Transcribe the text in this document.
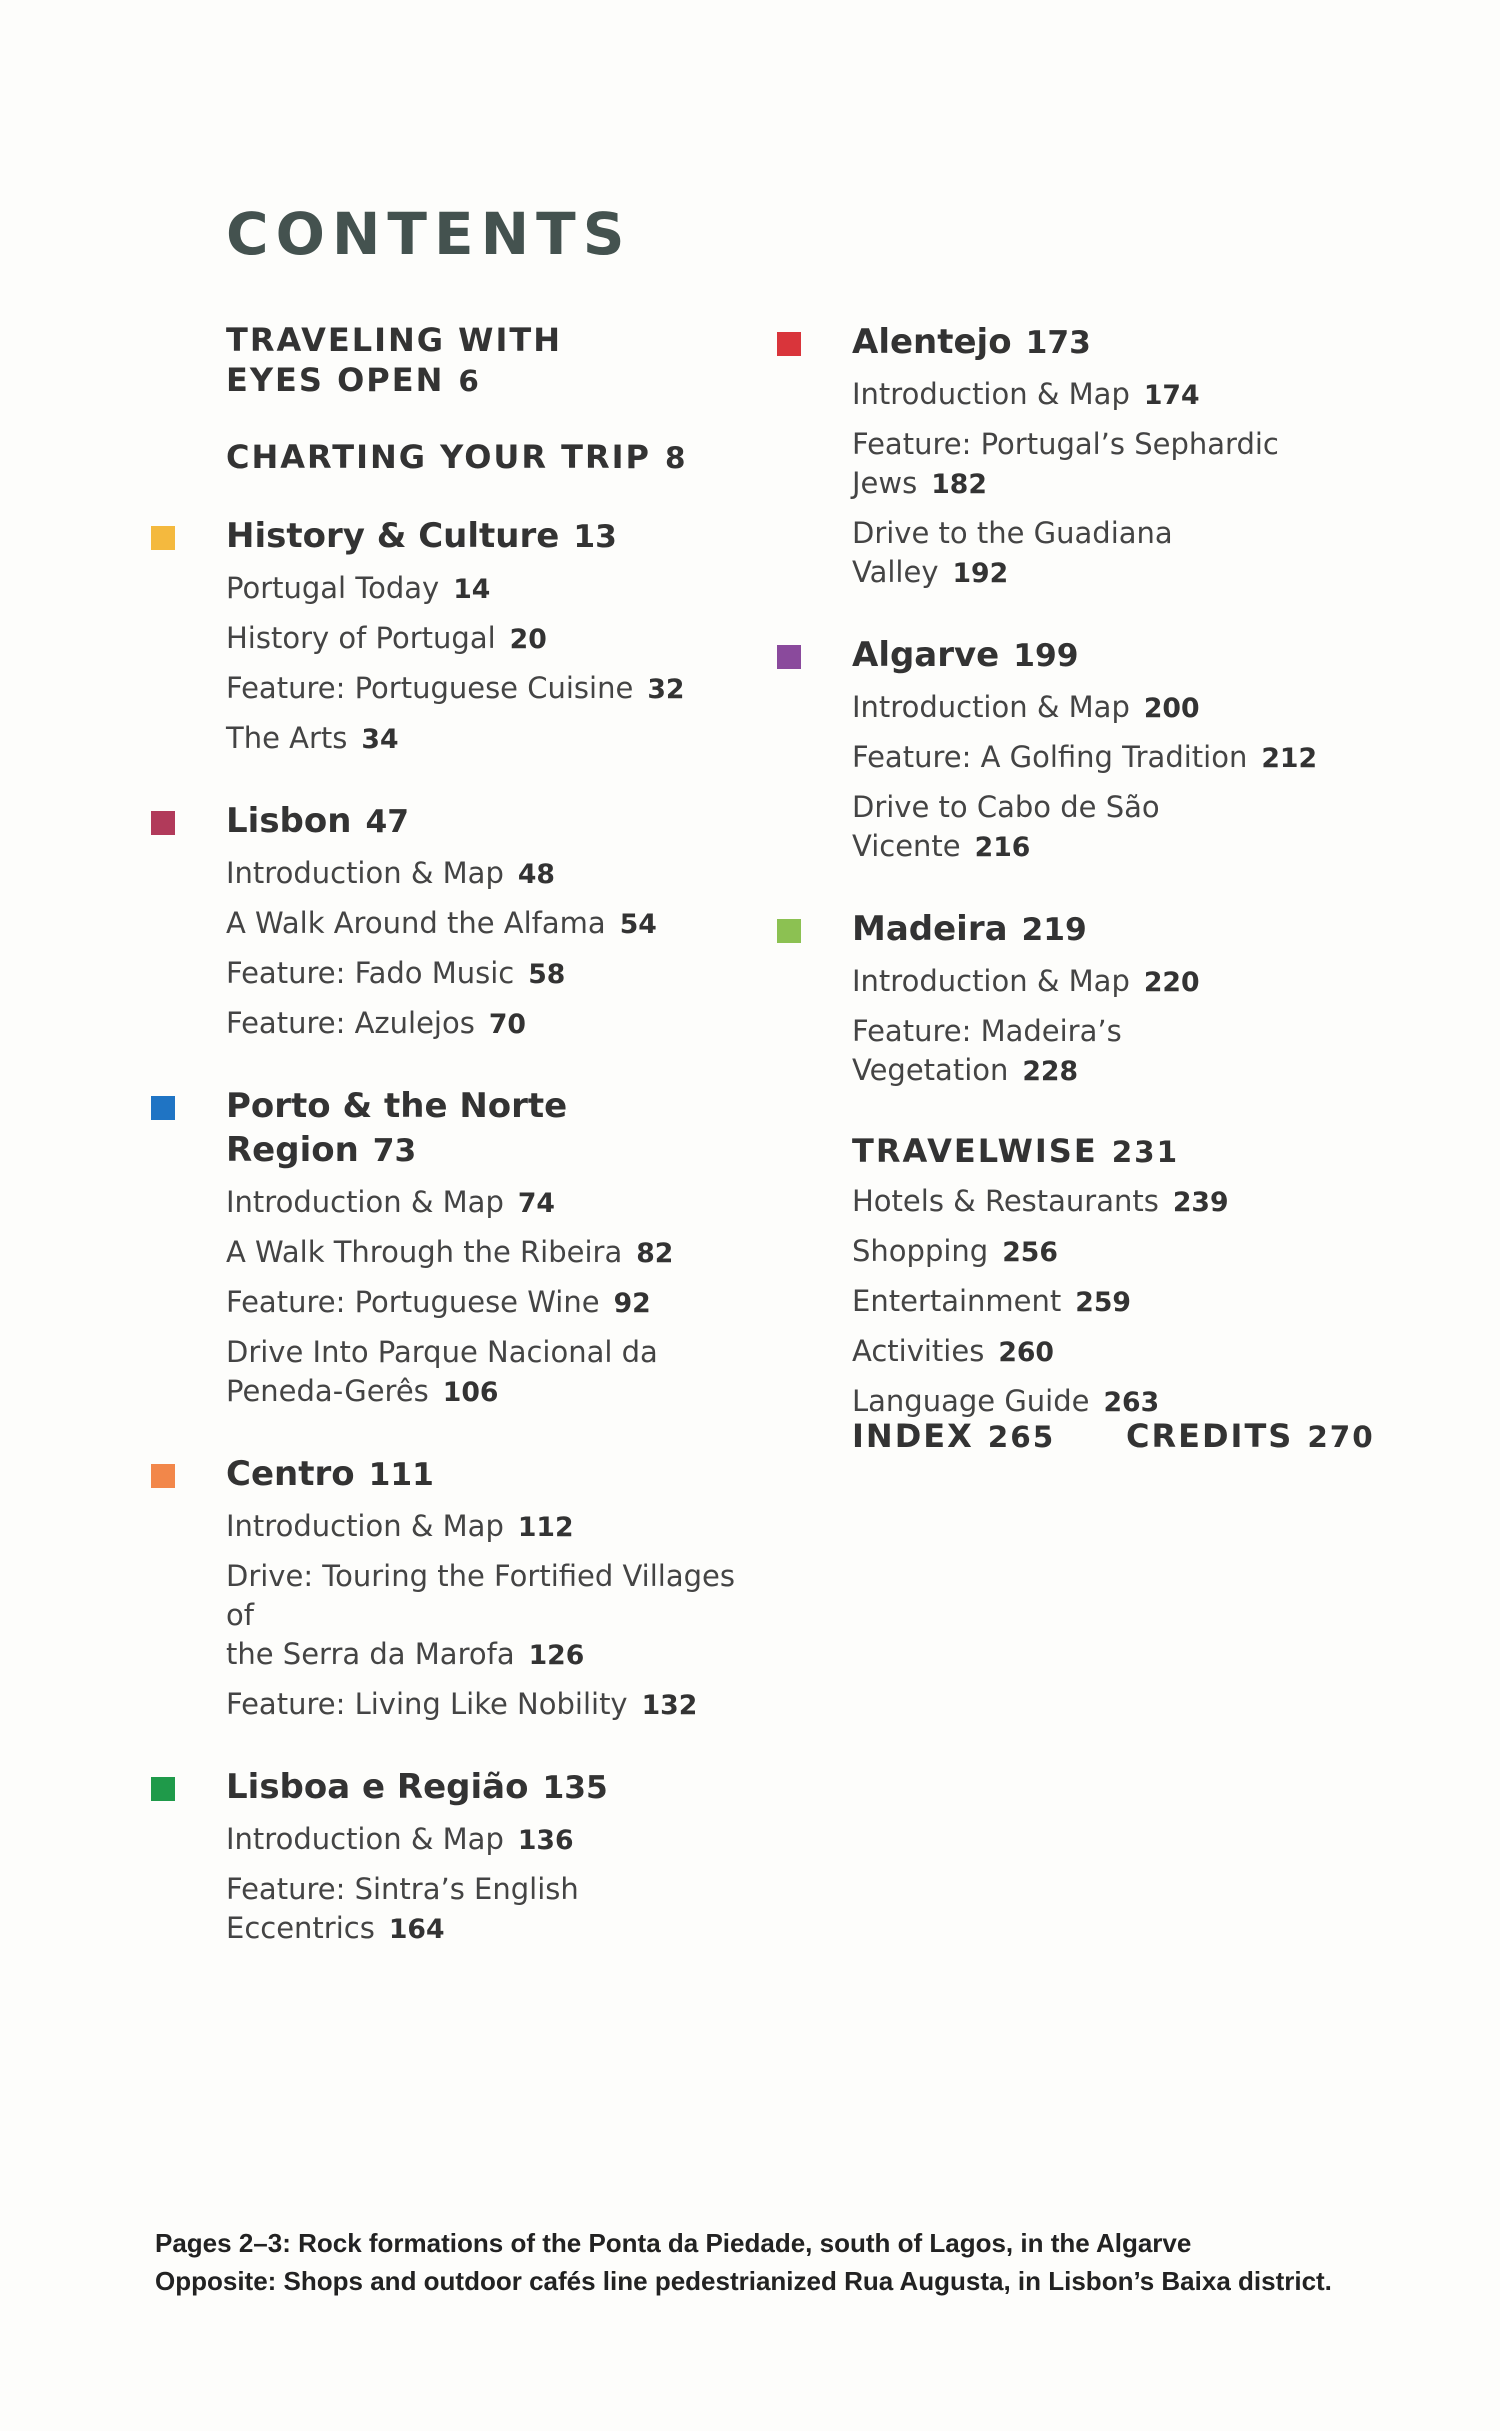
CONTENTS
TRAVELING WITH
EYES OPEN 6
CHARTING YOUR TRIP 8
History & Culture 13
Portugal Today 14
History of Portugal 20
Feature: Portuguese Cuisine 32
The Arts 34
Lisbon 47
Introduction & Map 48
A Walk Around the Alfama 54
Feature: Fado Music 58
Feature: Azulejos 70
Porto & the Norte Region 73
Introduction & Map 74
A Walk Through the Ribeira 82
Feature: Portuguese Wine 92
Drive Into Parque Nacional da
Peneda-Gerês 106
Centro 111
Introduction & Map 112
Drive: Touring the Fortified Villages of
the Serra da Marofa 126
Feature: Living Like Nobility 132
Lisboa e Região 135
Introduction & Map 136
Feature: Sintra’s English
Eccentrics 164
Alentejo 173
Introduction & Map 174
Feature: Portugal’s Sephardic
Jews 182
Drive to the Guadiana
Valley 192
Algarve 199
Introduction & Map 200
Feature: A Golfing Tradition 212
Drive to Cabo de São
Vicente 216
Madeira 219
Introduction & Map 220
Feature: Madeira’s
Vegetation 228
TRAVELWISE 231
Hotels & Restaurants 239
Shopping 256
Entertainment 259
Activities 260
Language Guide 263
INDEX 265 CREDITS 270
Pages 2–3: Rock formations of the Ponta da Piedade, south of Lagos, in the Algarve
Opposite: Shops and outdoor cafés line pedestrianized Rua Augusta, in Lisbon’s Baixa district.
